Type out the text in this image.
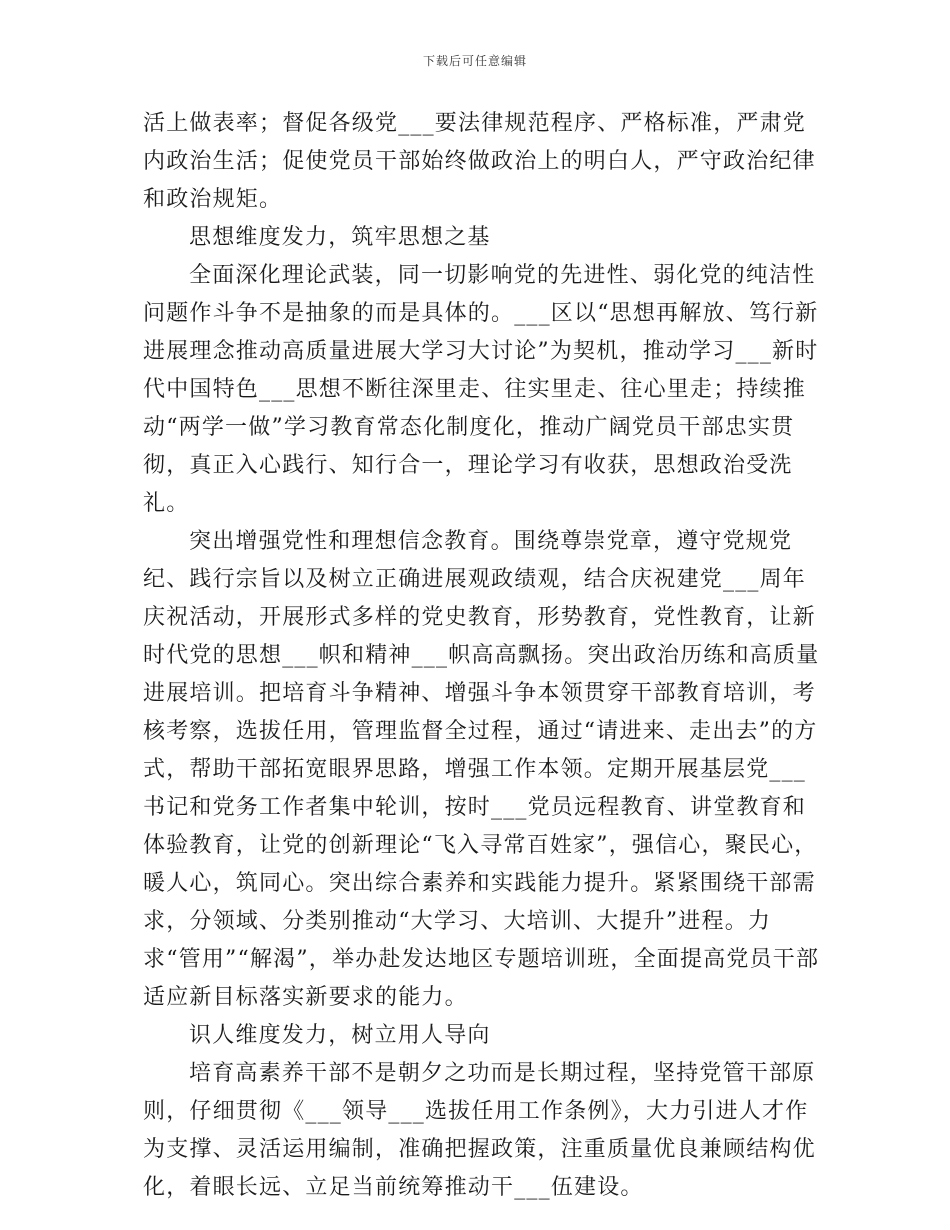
下载后可任意编辑

活上做表率；督促各级党___要法律规范程序、严格标准，严肃党内政治生活；促使党员干部始终做政治上的明白人，严守政治纪律和政治规矩。

思想维度发力，筑牢思想之基

全面深化理论武装，同一切影响党的先进性、弱化党的纯洁性问题作斗争不是抽象的而是具体的。___区以“思想再解放、笃行新进展理念推动高质量进展大学习大讨论”为契机，推动学习___新时代中国特色___思想不断往深里走、往实里走、往心里走；持续推动“两学一做”学习教育常态化制度化，推动广阔党员干部忠实贯彻，真正入心践行、知行合一，理论学习有收获，思想政治受洗礼。

突出增强党性和理想信念教育。围绕尊崇党章，遵守党规党纪、践行宗旨以及树立正确进展观政绩观，结合庆祝建党___周年庆祝活动，开展形式多样的党史教育，形势教育，党性教育，让新时代党的思想___帜和精神___帜高高飘扬。突出政治历练和高质量进展培训。把培育斗争精神、增强斗争本领贯穿干部教育培训，考核考察，选拔任用，管理监督全过程，通过“请进来、走出去”的方式，帮助干部拓宽眼界思路，增强工作本领。定期开展基层党___书记和党务工作者集中轮训，按时___党员远程教育、讲堂教育和体验教育，让党的创新理论“飞入寻常百姓家”，强信心，聚民心，暖人心，筑同心。突出综合素养和实践能力提升。紧紧围绕干部需求，分领域、分类别推动“大学习、大培训、大提升”进程。力求“管用”“解渴”，举办赴发达地区专题培训班，全面提高党员干部适应新目标落实新要求的能力。

识人维度发力，树立用人导向

培育高素养干部不是朝夕之功而是长期过程，坚持党管干部原则，仔细贯彻《___领导___选拔任用工作条例》，大力引进人才作为支撑、灵活运用编制，准确把握政策，注重质量优良兼顾结构优化，着眼长远、立足当前统筹推动干___伍建设。
